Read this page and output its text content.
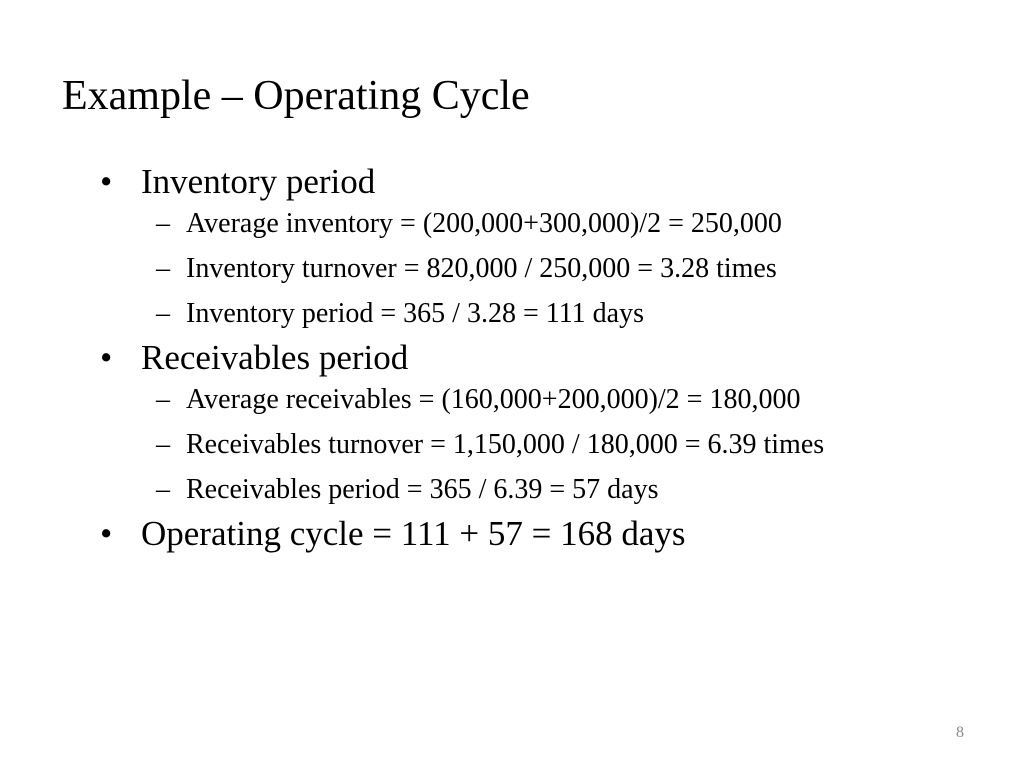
Example – Operating Cycle
• Inventory period
– Average inventory = (200,000+300,000)/2 = 250,000
– Inventory turnover = 820,000 / 250,000 = 3.28 times
– Inventory period = 365 / 3.28 = 111 days
• Receivables period
– Average receivables = (160,000+200,000)/2 = 180,000
– Receivables turnover = 1,150,000 / 180,000 = 6.39 times
– Receivables period = 365 / 6.39 = 57 days
• Operating cycle = 111 + 57 = 168 days
8
